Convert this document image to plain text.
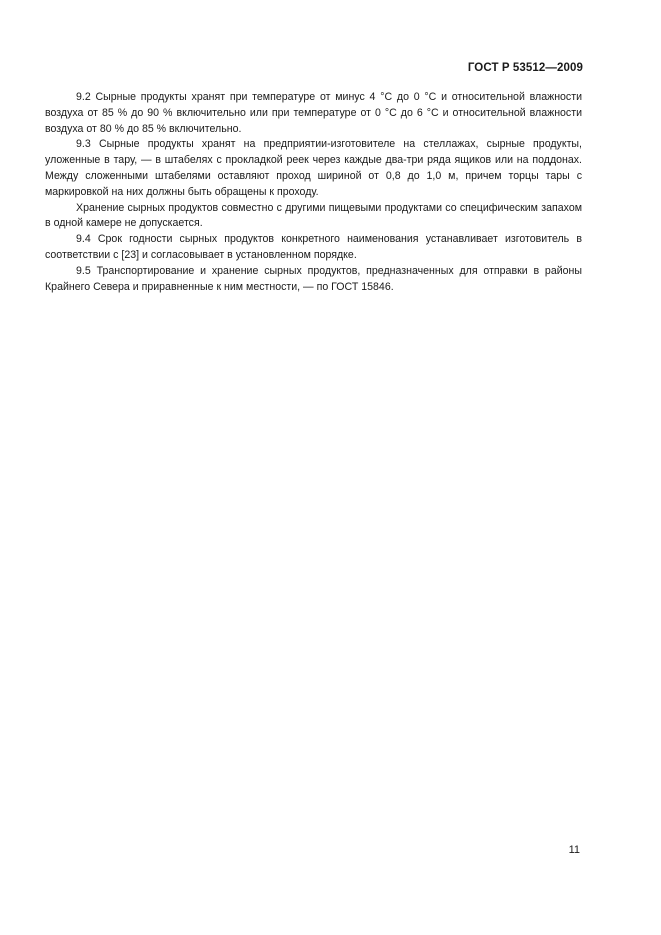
ГОСТ Р 53512—2009

9.2 Сырные продукты хранят при температуре от минус 4 °С до 0 °С и относительной влажности воздуха от 85 % до 90 % включительно или при температуре от 0 °С до 6 °С и относительной влажности воздуха от 80 % до 85 % включительно.

9.3 Сырные продукты хранят на предприятии-изготовителе на стеллажах, сырные продукты, уложенные в тару, — в штабелях с прокладкой реек через каждые два-три ряда ящиков или на поддонах. Между сложенными штабелями оставляют проход шириной от 0,8 до 1,0 м, причем торцы тары с маркировкой на них должны быть обращены к проходу.

Хранение сырных продуктов совместно с другими пищевыми продуктами со специфическим запахом в одной камере не допускается.

9.4 Срок годности сырных продуктов конкретного наименования устанавливает изготовитель в соответствии с [23] и согласовывает в установленном порядке.

9.5 Транспортирование и хранение сырных продуктов, предназначенных для отправки в районы Крайнего Севера и приравненные к ним местности, — по ГОСТ 15846.

11
